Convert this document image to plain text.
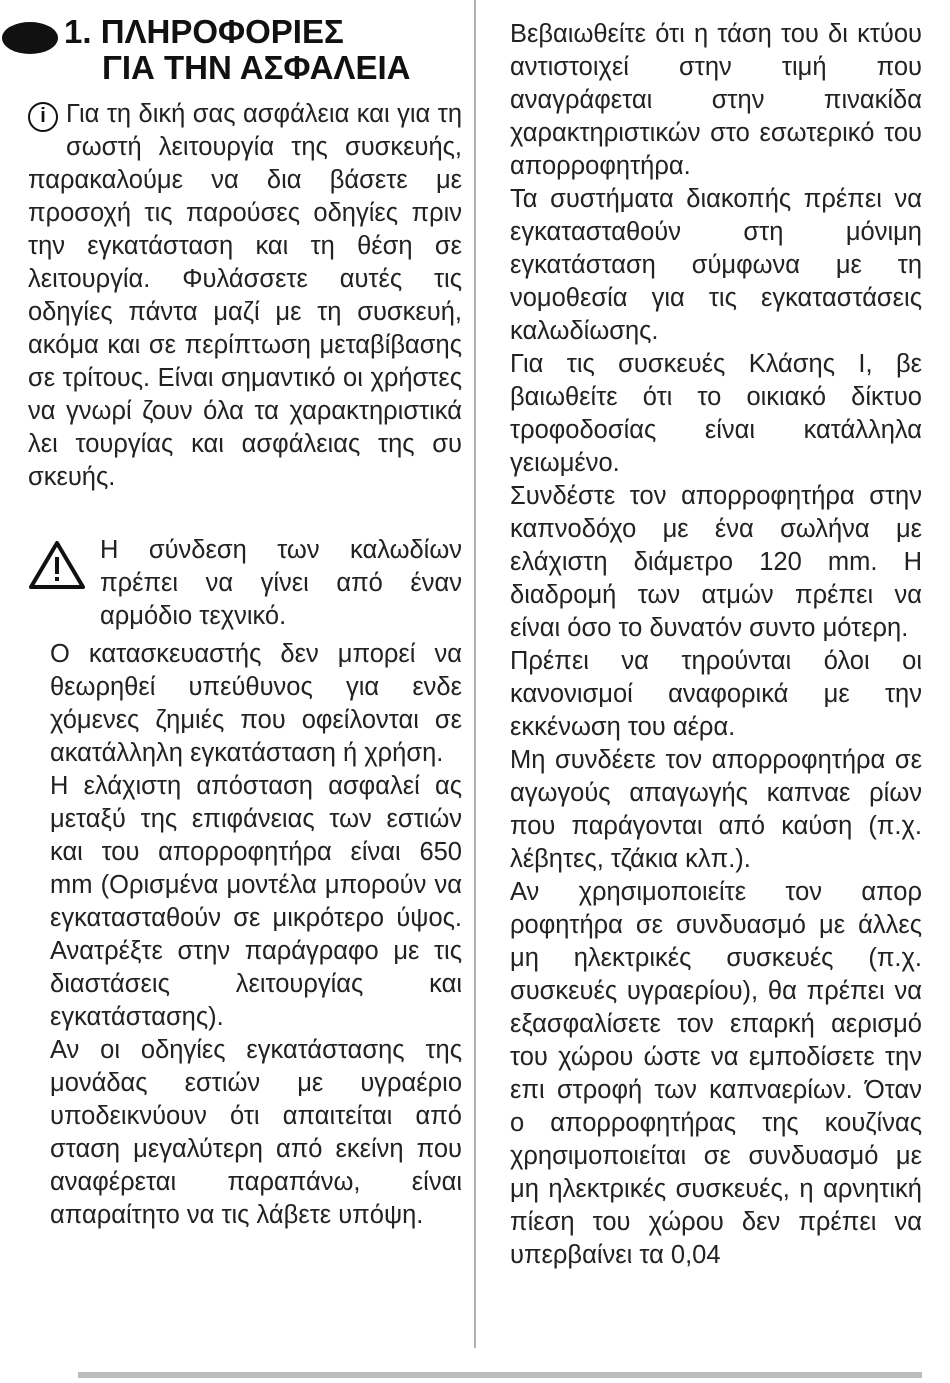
1. ΠΛΗΡΟΦΟΡΙΕΣ
ΓΙΑ ΤΗΝ ΑΣΦΑΛΕΙΑ
i Για τη δική σας ασφάλεια και για τη σωστή λειτουργία της συσκευής, παρακαλούμε να δια βάσετε με προσοχή τις παρούσες οδηγίες πριν την εγκατάσταση και τη θέση σε λειτουργία. Φυλάσσετε αυτές τις οδηγίες πάντα μαζί με τη συσκευή, ακόμα και σε περίπτωση μεταβίβασης σε τρίτους. Είναι σημαντικό οι χρήστες να γνωρί ζουν όλα τα χαρακτηριστικά λει τουργίας και ασφάλειας της συ σκευής.

Η σύνδεση των καλωδίων πρέπει να γίνει από έναν αρμόδιο τεχνικό.

Ο κατασκευαστής δεν μπορεί να θεωρηθεί υπεύθυνος για ενδε χόμενες ζημιές που οφείλονται σε ακατάλληλη εγκατάσταση ή χρήση.

Η ελάχιστη απόσταση ασφαλεί ας μεταξύ της επιφάνειας των εστιών και του απορροφητήρα είναι 650 mm (Ορισμένα μοντέλα μπορούν να εγκατασταθούν σε μικρότερο ύψος. Ανατρέξτε στην παράγραφο με τις διαστάσεις λειτουργίας και εγκατάστασης).

Αν οι οδηγίες εγκατάστασης της μονάδας εστιών με υγραέριο υποδεικνύουν ότι απαιτείται από σταση μεγαλύτερη από εκείνη που αναφέρεται παραπάνω, είναι απαραίτητο να τις λάβετε υπόψη.

Βεβαιωθείτε ότι η τάση του δι κτύου αντιστοιχεί στην τιμή που αναγράφεται στην πινακίδα χαρακτηριστικών στο εσωτερικό του απορροφητήρα.

Τα συστήματα διακοπής πρέπει να εγκατασταθούν στη μόνιμη εγκατάσταση σύμφωνα με τη νομοθεσία για τις εγκαταστάσεις καλωδίωσης.

Για τις συσκευές Κλάσης I, βε βαιωθείτε ότι το οικιακό δίκτυο τροφοδοσίας είναι κατάλληλα γειωμένο.

Συνδέστε τον απορροφητήρα στην καπνοδόχο με ένα σωλήνα με ελάχιστη διάμετρο 120 mm. Η διαδρομή των ατμών πρέπει να είναι όσο το δυνατόν συντο μότερη.

Πρέπει να τηρούνται όλοι οι κανονισμοί αναφορικά με την εκκένωση του αέρα.

Μη συνδέετε τον απορροφητήρα σε αγωγούς απαγωγής καπναε ρίων που παράγονται από καύση (π.χ. λέβητες, τζάκια κλπ.).

Αν χρησιμοποιείτε τον απορ ροφητήρα σε συνδυασμό με άλλες μη ηλεκτρικές συσκευές (π.χ. συσκευές υγραερίου), θα πρέπει να εξασφαλίσετε τον επαρκή αερισμό του χώρου ώστε να εμποδίσετε την επι στροφή των καπναερίων. Όταν ο απορροφητήρας της κουζίνας χρησιμοποιείται σε συνδυασμό με μη ηλεκτρικές συσκευές, η αρνητική πίεση του χώρου δεν πρέπει να υπερβαίνει τα 0,04
